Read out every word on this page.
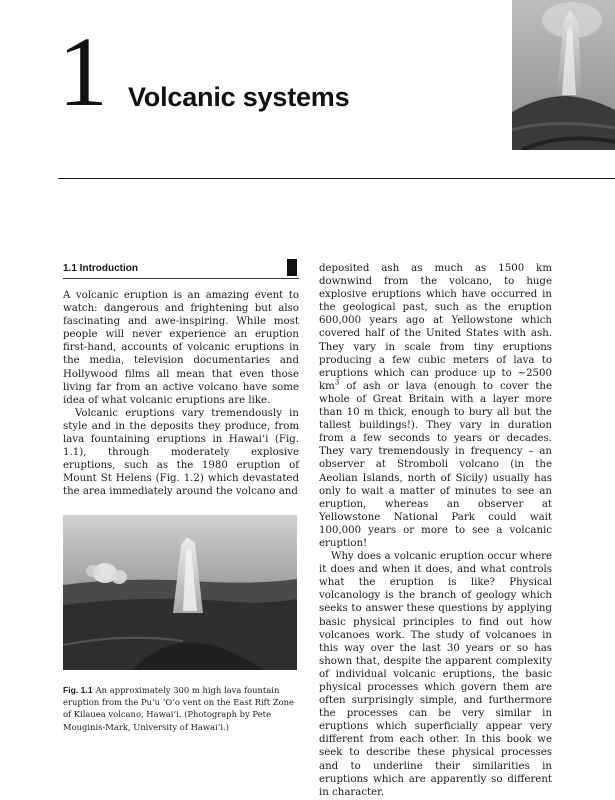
1 Volcanic systems
1.1 Introduction

A volcanic eruption is an amazing event to watch: dangerous and frightening but also fascinating and awe-inspiring. While most people will never experience an eruption first-hand, accounts of volcanic eruptions in the media, television documentaries and Hollywood films all mean that even those living far from an active volcano have some idea of what volcanic eruptions are like.

Volcanic eruptions vary tremendously in style and in the deposits they produce, from lava fountaining eruptions in Hawaiʻi (Fig. 1.1), through moderately explosive eruptions, such as the 1980 eruption of Mount St Helens (Fig. 1.2) which devastated the area immediately around the volcano and

Fig. 1.1 An approximately 300 m high lava fountain eruption from the Puʻu ʻOʻo vent on the East Rift Zone of Kilauea volcano, Hawaiʻi. (Photograph by Pete Mouginis-Mark, University of Hawaiʻi.)

deposited ash as much as 1500 km downwind from the volcano, to huge explosive eruptions which have occurred in the geological past, such as the eruption 600,000 years ago at Yellowstone which covered half of the United States with ash. They vary in scale from tiny eruptions producing a few cubic meters of lava to eruptions which can produce up to ~2500 $km^3$ of ash or lava (enough to cover the whole of Great Britain with a layer more than 10 m thick, enough to bury all but the tallest buildings!). They vary in duration from a few seconds to years or decades. They vary tremendously in frequency – an observer at Stromboli volcano (in the Aeolian Islands, north of Sicily) usually has only to wait a matter of minutes to see an eruption, whereas an observer at Yellowstone National Park could wait 100,000 years or more to see a volcanic eruption!

Why does a volcanic eruption occur where it does and when it does, and what controls what the eruption is like? Physical volcanology is the branch of geology which seeks to answer these questions by applying basic physical principles to find out how volcanoes work. The study of volcanoes in this way over the last 30 years or so has shown that, despite the apparent complexity of individual volcanic eruptions, the basic physical processes which govern them are often surprisingly simple, and furthermore the processes can be very similar in eruptions which superficially appear very different from each other. In this book we seek to describe these physical processes and to underline their similarities in eruptions which are apparently so different in character.
